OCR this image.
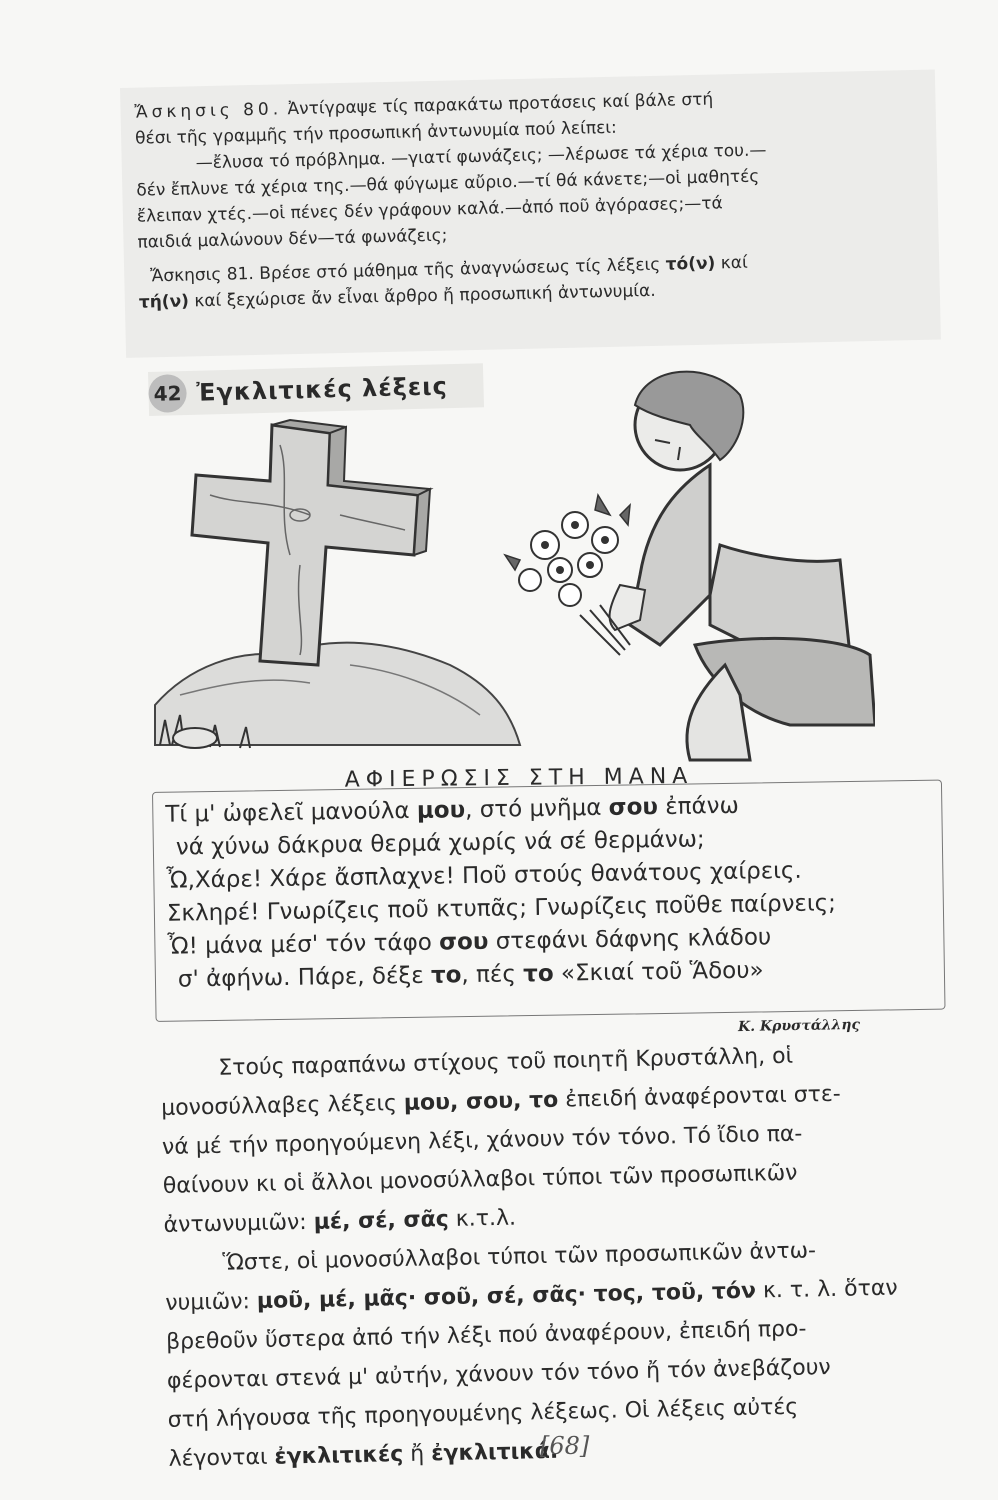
Ἄσκησις 80. Ἀντίγραψε τίς παρακάτω προτάσεις καί βάλε στή
θέσι τῆς γραμμῆς τήν προσωπική ἀντωνυμία πού λείπει:
—ἔλυσα τό πρόβλημα. —γιατί φωνάζεις; —λέρωσε τά χέρια του.—
δέν ἔπλυνε τά χέρια της.—θά φύγωμε αὔριο.—τί θά κάνετε;—οἱ μαθητές
ἔλειπαν χτές.—οἱ πένες δέν γράφουν καλά.—ἀπό ποῦ ἀγόρασες;—τά
παιδιά μαλώνουν δέν—τά φωνάζεις;

Ἄσκησις 81. Βρέσε στό μάθημα τῆς ἀναγνώσεως τίς λέξεις τό(ν) καί
τή(ν) καί ξεχώρισε ἄν εἶναι ἄρθρο ἤ προσωπική ἀντωνυμία.

42 Ἐγκλιτικές λέξεις
ΑΦΙΕΡΩΣΙΣ ΣΤΗ ΜΑΝΑ
Τί μ' ὠφελεῖ μανούλα μου, στό μνῆμα σου ἐπάνω
νά χύνω δάκρυα θερμά χωρίς νά σέ θερμάνω;
Ὦ,Χάρε! Χάρε ἄσπλαχνε! Ποῦ στούς θανάτους χαίρεις.
Σκληρέ! Γνωρίζεις ποῦ κτυπᾶς; Γνωρίζεις ποῦθε παίρνεις;
Ὦ! μάνα μέσ' τόν τάφο σου στεφάνι δάφνης κλάδου
σ' ἀφήνω. Πάρε, δέξε το, πές το «Σκιαί τοῦ Ἅδου»
Κ. Κρυστάλλης

Στούς παραπάνω στίχους τοῦ ποιητῆ Κρυστάλλη, οἱ
μονοσύλλαβες λέξεις μου, σου, το ἐπειδή ἀναφέρονται στε-
νά μέ τήν προηγούμενη λέξι, χάνουν τόν τόνο. Τό ἴδιο πα-
θαίνουν κι οἱ ἄλλοι μονοσύλλαβοι τύποι τῶν προσωπικῶν
ἀντωνυμιῶν: μέ, σέ, σᾶς κ.τ.λ.

Ὥστε, οἱ μονοσύλλαβοι τύποι τῶν προσωπικῶν ἀντω-
νυμιῶν: μοῦ, μέ, μᾶς· σοῦ, σέ, σᾶς· τος, τοῦ, τόν κ. τ. λ. ὅταν
βρεθοῦν ὕστερα ἀπό τήν λέξι πού ἀναφέρουν, ἐπειδή προ-
φέρονται στενά μ' αὐτήν, χάνουν τόν τόνο ἤ τόν ἀνεβάζουν
στή λήγουσα τῆς προηγουμένης λέξεως. Οἱ λέξεις αὐτές
λέγονται ἐγκλιτικές ἤ ἐγκλιτικά.

[68]
